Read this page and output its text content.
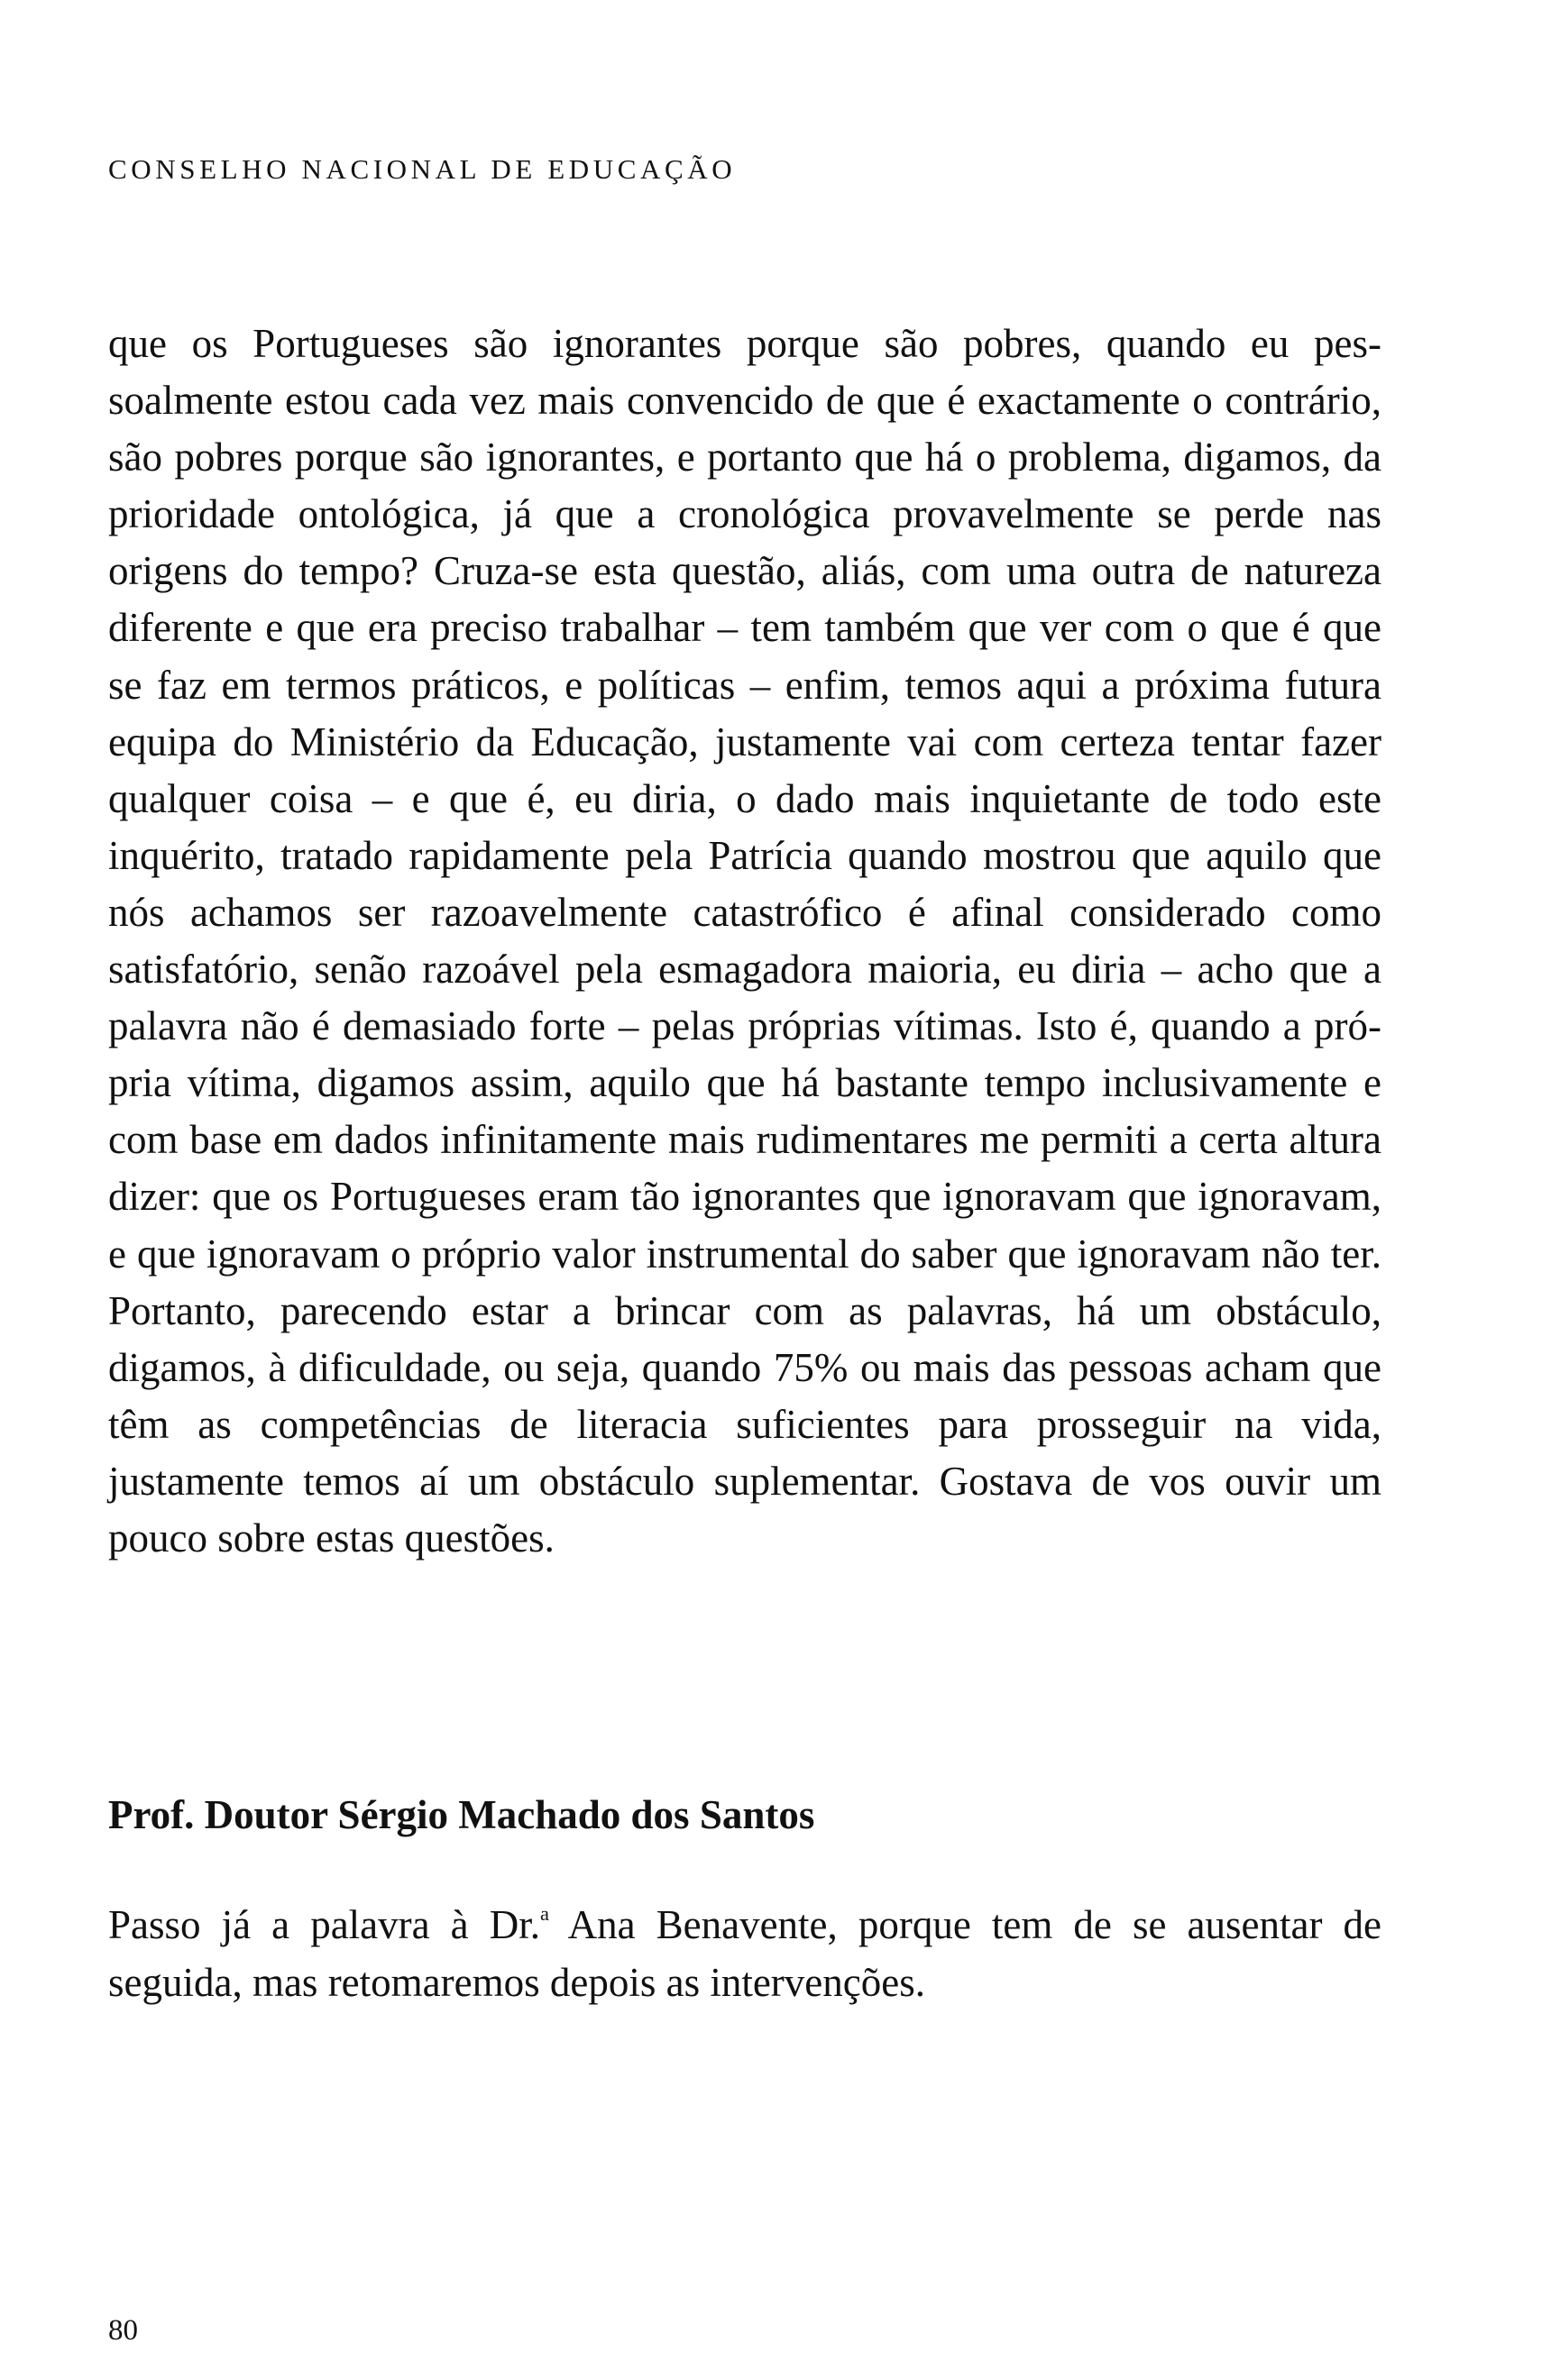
CONSELHO NACIONAL DE EDUCAÇÃO

que os Portugueses são ignorantes porque são pobres, quando eu pessoalmente estou cada vez mais convencido de que é exactamente o contrário, são pobres porque são ignorantes, e portanto que há o problema, digamos, da prioridade ontológica, já que a cronológica provavelmente se perde nas origens do tempo? Cruza-se esta questão, aliás, com uma outra de natureza diferente e que era preciso trabalhar – tem também que ver com o que é que se faz em termos práticos, e políticas – enfim, temos aqui a próxima futura equipa do Ministério da Educação, justamente vai com certeza tentar fazer qualquer coisa – e que é, eu diria, o dado mais inquietante de todo este inquérito, tratado rapidamente pela Patrícia quando mostrou que aquilo que nós achamos ser razoavelmente catastrófico é afinal considerado como satisfatório, senão razoável pela esmagadora maioria, eu diria – acho que a palavra não é demasiado forte – pelas próprias vítimas. Isto é, quando a própria vítima, digamos assim, aquilo que há bastante tempo inclusivamente e com base em dados infinitamente mais rudimentares me permiti a certa altura dizer: que os Portugueses eram tão ignorantes que ignoravam que ignoravam, e que ignoravam o próprio valor instrumental do saber que ignoravam não ter. Portanto, parecendo estar a brincar com as palavras, há um obstáculo, digamos, à dificuldade, ou seja, quando 75% ou mais das pessoas acham que têm as competências de literacia suficientes para prosseguir na vida, justamente temos aí um obstáculo suplementar. Gostava de vos ouvir um pouco sobre estas questões.

Prof. Doutor Sérgio Machado dos Santos

Passo já a palavra à Dr.$^a$ Ana Benavente, porque tem de se ausentar de seguida, mas retomaremos depois as intervenções.

80
